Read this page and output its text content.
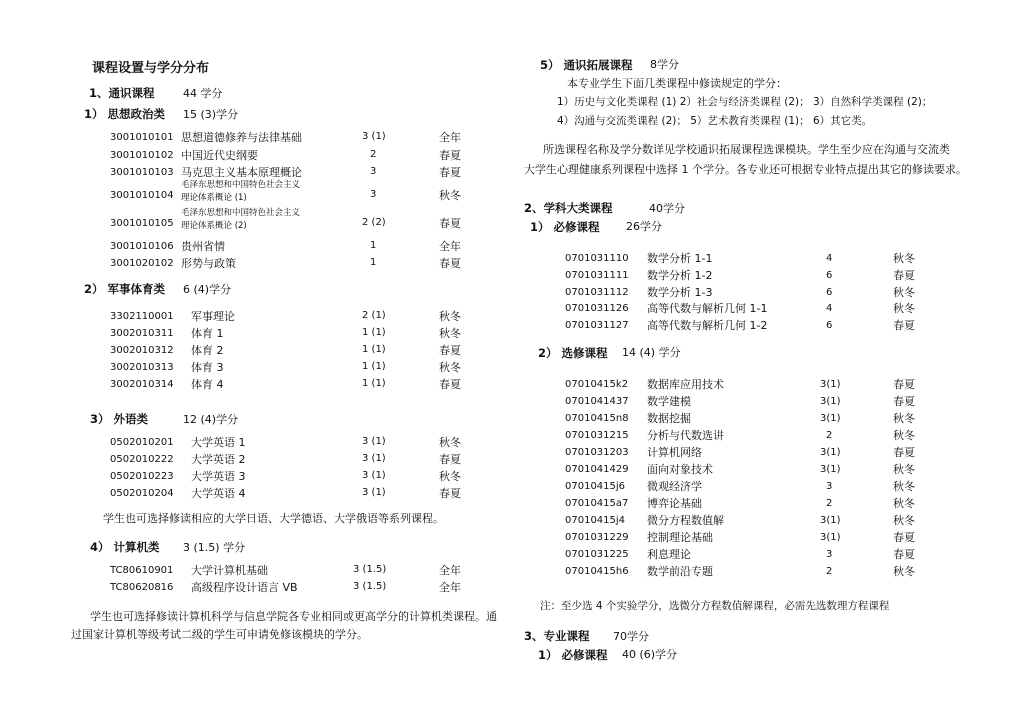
课程设置与学分分布
1、通识课程	44 学分
1） 思想政治类 15 (3)学分
3001010101 思想道德修养与法律基础	3 (1)	全年
3001010102 中国近代史纲要	2	春夏
3001010103 马克思主义基本原理概论	3	春夏
3001010104
毛泽东思想和中国特色社会主义
理论体系概论 (1)	3	秋冬
3001010105
毛泽东思想和中国特色社会主义
理论体系概论 (2)	2 (2)	春夏
3001010106 贵州省情	1	全年
3001020102 形势与政策	1	春夏
2） 军事体育类 6 (4)学分
3302110001 军事理论	2 (1)	秋冬
3002010311 体育 1	1 (1)	秋冬
3002010312 体育 2	1 (1)	春夏
3002010313 体育 3	1 (1)	秋冬
3002010314 体育 4	1 (1)	春夏
3） 外语类	12 (4)学分
0502010201 大学英语 1	3 (1)	秋冬
0502010222 大学英语 2	3 (1)	春夏
0502010223 大学英语 3	3 (1)	秋冬
0502010204 大学英语 4	3 (1)	春夏
学生也可选择修读相应的大学日语、大学德语、大学俄语等系列课程。
4） 计算机类 3 (1.5) 学分
TC80610901 大学计算机基础	3 (1.5)	全年
TC80620816 高级程序设计语言 VB	3 (1.5)	全年
学生也可选择修读计算机科学与信息学院各专业相同或更高学分的计算机类课程。通
过国家计算机等级考试二级的学生可申请免修该模块的学分。
5） 通识拓展课程 8学分
本专业学生下面几类课程中修读规定的学分：
1）历史与文化类课程 (1) 2）社会与经济类课程 (2)； 3）自然科学类课程 (2)；
4）沟通与交流类课程 (2)； 5）艺术教育类课程 (1)； 6）其它类。
所选课程名称及学分数详见学校通识拓展课程选课模块。学生至少应在沟通与交流类
大学生心理健康系列课程中选择 1 个学分。各专业还可根据专业特点提出其它的修读要求。
2、学科大类课程	40学分
1） 必修课程 26学分
0701031110 数学分析 1-1	4	秋冬
0701031111 数学分析 1-2	6	春夏
0701031112 数学分析 1-3	6	秋冬
0701031126 高等代数与解析几何 1-1	4	秋冬
0701031127 高等代数与解析几何 1-2	6	春夏
2） 选修课程 14 (4) 学分
07010415k2 数据库应用技术	3(1)	春夏
0701041437 数学建模	3(1)	春夏
07010415n8 数据挖掘	3(1)	秋冬
0701031215 分析与代数选讲	2	秋冬
0701031203 计算机网络	3(1)	春夏
0701041429 面向对象技术	3(1)	秋冬
07010415j6 微观经济学	3	秋冬
07010415a7 博弈论基础	2	秋冬
07010415j4 微分方程数值解	3(1)	秋冬
0701031229 控制理论基础	3(1)	春夏
0701031225 利息理论	3	春夏
07010415h6 数学前沿专题	2	秋冬
注：至少选 4 个实验学分，选微分方程数值解课程，必需先选数理方程课程
3、专业课程 70学分
1） 必修课程 40 (6)学分
